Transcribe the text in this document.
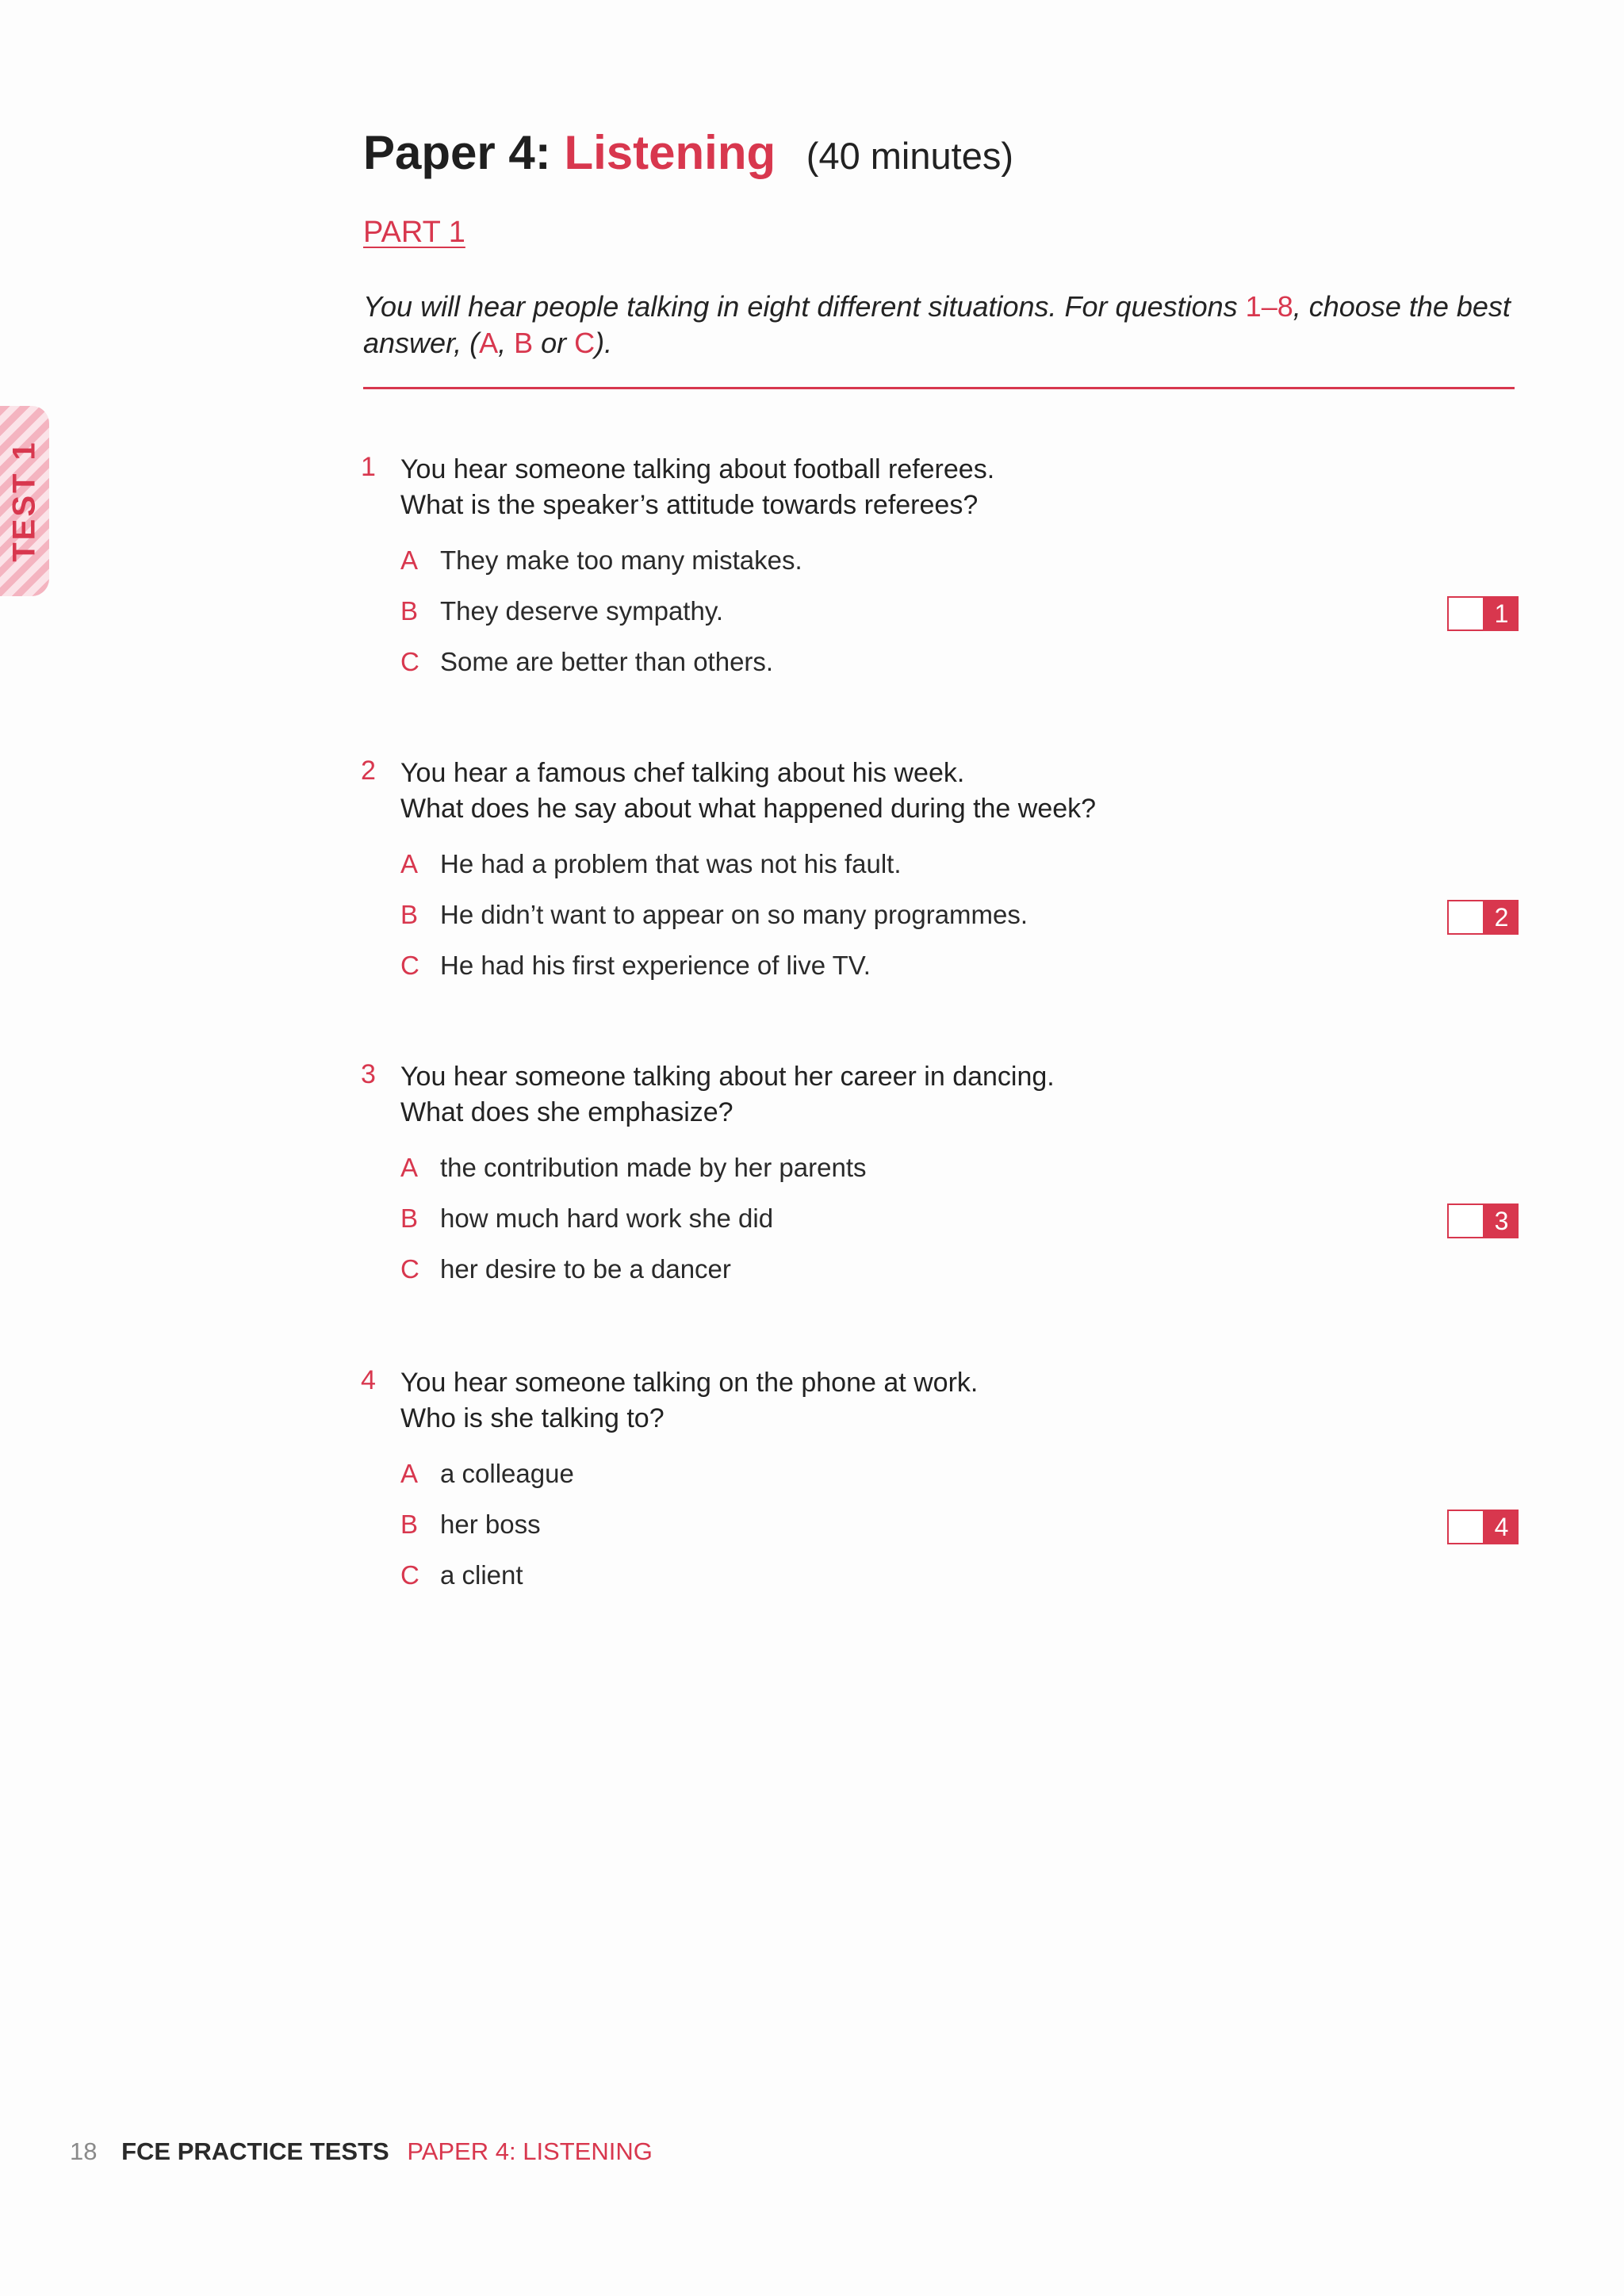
TEST 1
Paper 4: Listening (40 minutes)
PART 1
You will hear people talking in eight different situations. For questions 1–8, choose the best answer, (A, B or C).
1 You hear someone talking about football referees.
What is the speaker’s attitude towards referees?
A They make too many mistakes.
B They deserve sympathy.
C Some are better than others.
1
2 You hear a famous chef talking about his week.
What does he say about what happened during the week?
A He had a problem that was not his fault.
B He didn’t want to appear on so many programmes.
C He had his first experience of live TV.
2
3 You hear someone talking about her career in dancing.
What does she emphasize?
A the contribution made by her parents
B how much hard work she did
C her desire to be a dancer
3
4 You hear someone talking on the phone at work.
Who is she talking to?
A a colleague
B her boss
C a client
4
18 FCE PRACTICE TESTS PAPER 4: LISTENING
